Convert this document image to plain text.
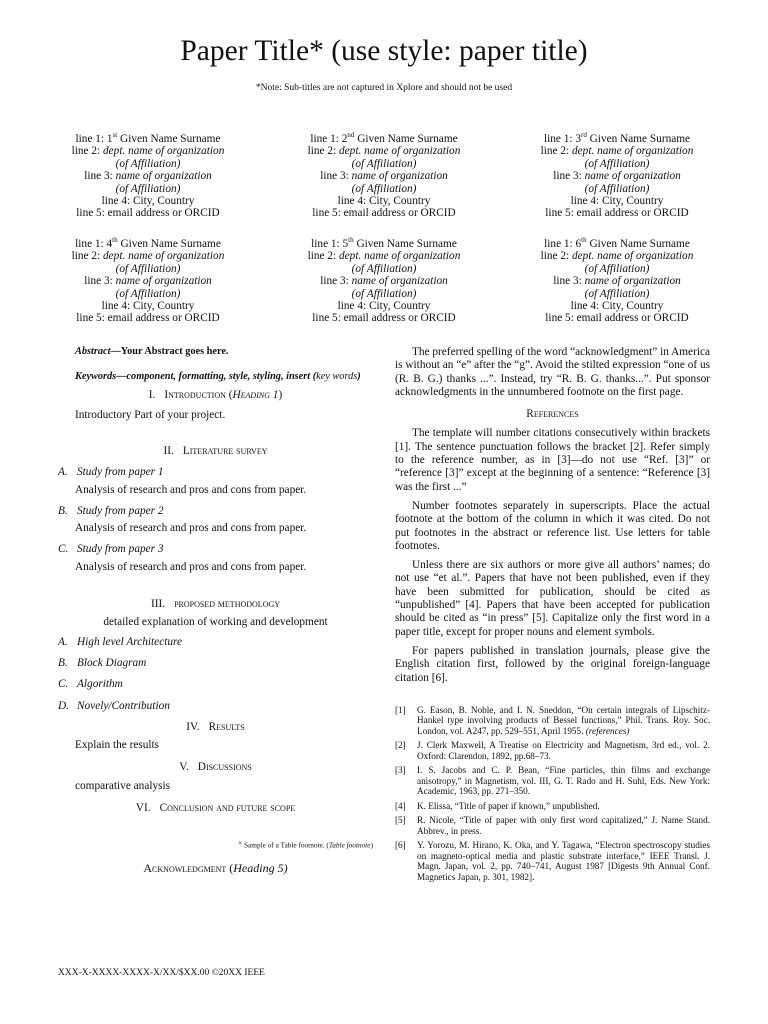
Paper Title* (use style: paper title)
*Note: Sub-titles are not captured in Xplore and should not be used
line 1: 1st Given Name Surname
line 2: dept. name of organization
(of Affiliation)
line 3: name of organization
(of Affiliation)
line 4: City, Country
line 5: email address or ORCID
line 1: 2nd Given Name Surname
line 2: dept. name of organization
(of Affiliation)
line 3: name of organization
(of Affiliation)
line 4: City, Country
line 5: email address or ORCID
line 1: 3rd Given Name Surname
line 2: dept. name of organization
(of Affiliation)
line 3: name of organization
(of Affiliation)
line 4: City, Country
line 5: email address or ORCID
line 1: 4th Given Name Surname
line 2: dept. name of organization
(of Affiliation)
line 3: name of organization
(of Affiliation)
line 4: City, Country
line 5: email address or ORCID
line 1: 5th Given Name Surname
line 2: dept. name of organization
(of Affiliation)
line 3: name of organization
(of Affiliation)
line 4: City, Country
line 5: email address or ORCID
line 1: 6th Given Name Surname
line 2: dept. name of organization
(of Affiliation)
line 3: name of organization
(of Affiliation)
line 4: City, Country
line 5: email address or ORCID

Abstract—Your Abstract goes here.

Keywords—component, formatting, style, styling, insert (key words)

I. Introduction (Heading 1)

Introductory Part of your project.

II. Literature survey

A. Study from paper 1

Analysis of research and pros and cons from paper.

B. Study from paper 2

Analysis of research and pros and cons from paper.

C. Study from paper 3

Analysis of research and pros and cons from paper.

III. proposed methodology

detailed explanation of working and development

A. High level Architecture

B. Block Diagram

C. Algorithm

D. Novely/Contribution

IV. Results

Explain the results

V. Discussions

comparative analysis

VI. Conclusion and future scope

$^{a.}$ Sample of a Table footnote. (Table footnote)

Acknowledgment (Heading 5)

The preferred spelling of the word “acknowledgment” in America is without an “e” after the “g”. Avoid the stilted expression “one of us (R. B. G.) thanks ...”. Instead, try “R. B. G. thanks...”. Put sponsor acknowledgments in the unnumbered footnote on the first page.

References

The template will number citations consecutively within brackets [1]. The sentence punctuation follows the bracket [2]. Refer simply to the reference number, as in [3]—do not use “Ref. [3]” or “reference [3]” except at the beginning of a sentence: “Reference [3] was the first ...”

Number footnotes separately in superscripts. Place the actual footnote at the bottom of the column in which it was cited. Do not put footnotes in the abstract or reference list. Use letters for table footnotes.

Unless there are six authors or more give all authors’ names; do not use “et al.”. Papers that have not been published, even if they have been submitted for publication, should be cited as “unpublished” [4]. Papers that have been accepted for publication should be cited as “in press” [5]. Capitalize only the first word in a paper title, except for proper nouns and element symbols.

For papers published in translation journals, please give the English citation first, followed by the original foreign-language citation [6].

[1] G. Eason, B. Noble, and I. N. Sneddon, “On certain integrals of Lipschitz-Hankel type involving products of Bessel functions,” Phil. Trans. Roy. Soc. London, vol. A247, pp. 529–551, April 1955. (references)
[2] J. Clerk Maxwell, A Treatise on Electricity and Magnetism, 3rd ed., vol. 2. Oxford: Clarendon, 1892, pp.68–73.
[3] I. S. Jacobs and C. P. Bean, “Fine particles, thin films and exchange anisotropy,” in Magnetism, vol. III, G. T. Rado and H. Suhl, Eds. New York: Academic, 1963, pp. 271–350.
[4] K. Elissa, “Title of paper if known,” unpublished.
[5] R. Nicole, “Title of paper with only first word capitalized,” J. Name Stand. Abbrev., in press.
[6] Y. Yorozu, M. Hirano, K. Oka, and Y. Tagawa, “Electron spectroscopy studies on magneto-optical media and plastic substrate interface,” IEEE Transl. J. Magn. Japan, vol. 2, pp. 740–741, August 1987 [Digests 9th Annual Conf. Magnetics Japan, p. 301, 1982].
XXX-X-XXXX-XXXX-X/XX/$XX.00 ©20XX IEEE
